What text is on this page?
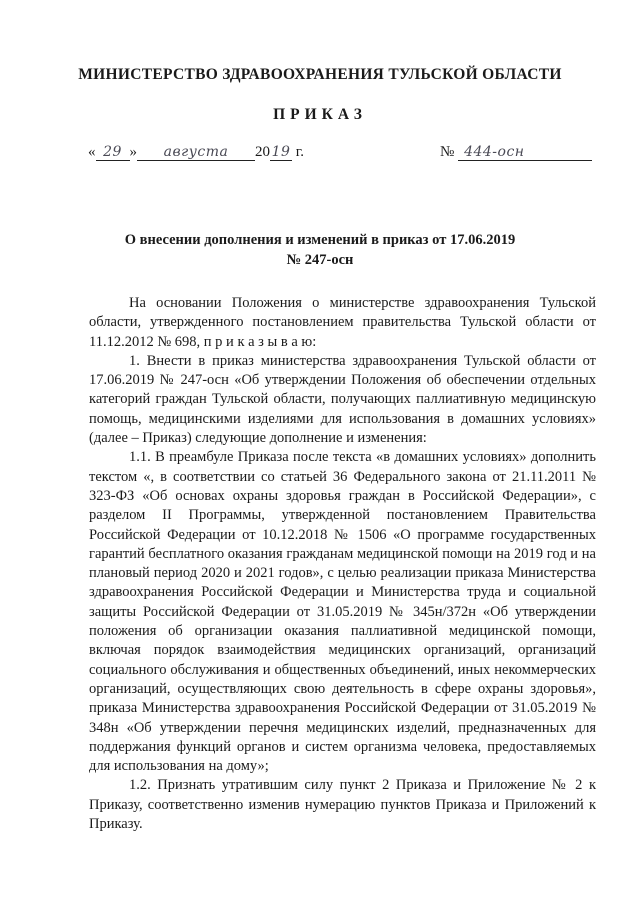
МИНИСТЕРСТВО ЗДРАВООХРАНЕНИЯ ТУЛЬСКОЙ ОБЛАСТИ
ПРИКАЗ
« 29 » августа 20 19 г.	№ 444-осн
О внесении дополнения и изменений в приказ от 17.06.2019
№ 247-осн

На основании Положения о министерстве здравоохранения Тульской области, утвержденного постановлением правительства Тульской области от 11.12.2012 № 698, п р и к а з ы в а ю:

1. Внести в приказ министерства здравоохранения Тульской области от 17.06.2019 № 247-осн «Об утверждении Положения об обеспечении отдельных категорий граждан Тульской области, получающих паллиативную медицинскую помощь, медицинскими изделиями для использования в домашних условиях» (далее – Приказ) следующие дополнение и изменения:

1.1. В преамбуле Приказа после текста «в домашних условиях» дополнить текстом «, в соответствии со статьей 36 Федерального закона от 21.11.2011 № 323-ФЗ «Об основах охраны здоровья граждан в Российской Федерации», с разделом II Программы, утвержденной постановлением Правительства Российской Федерации от 10.12.2018 № 1506 «О программе государственных гарантий бесплатного оказания гражданам медицинской помощи на 2019 год и на плановый период 2020 и 2021 годов», с целью реализации приказа Министерства здравоохранения Российской Федерации и Министерства труда и социальной защиты Российской Федерации от 31.05.2019 № 345н/372н «Об утверждении положения об организации оказания паллиативной медицинской помощи, включая порядок взаимодействия медицинских организаций, организаций социального обслуживания и общественных объединений, иных некоммерческих организаций, осуществляющих свою деятельность в сфере охраны здоровья», приказа Министерства здравоохранения Российской Федерации от 31.05.2019 № 348н «Об утверждении перечня медицинских изделий, предназначенных для поддержания функций органов и систем организма человека, предоставляемых для использования на дому»;

1.2. Признать утратившим силу пункт 2 Приказа и Приложение № 2 к Приказу, соответственно изменив нумерацию пунктов Приказа и Приложений к Приказу.
